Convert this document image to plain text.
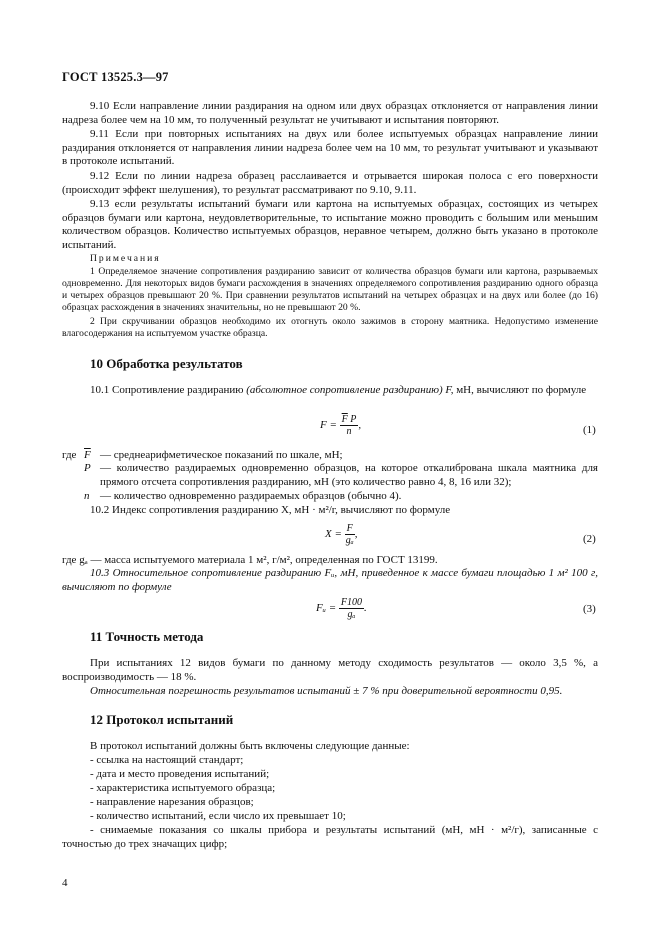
ГОСТ 13525.3—97
9.10 Если направление линии раздирания на одном или двух образцах отклоняется от направления линии надреза более чем на 10 мм, то полученный результат не учитывают и испытания повторяют.
9.11 Если при повторных испытаниях на двух или более испытуемых образцах направление линии раздирания отклоняется от направления линии надреза более чем на 10 мм, то результат учитывают и указывают в протоколе испытаний.
9.12 Если по линии надреза образец расслаивается и отрывается широкая полоса с его поверхности (происходит эффект шелушения), то результат рассматривают по 9.10, 9.11.
9.13 если результаты испытаний бумаги или картона на испытуемых образцах, состоящих из четырех образцов бумаги или картона, неудовлетворительные, то испытание можно проводить с большим или меньшим количеством образцов. Количество испытуемых образцов, неравное четырем, должно быть указано в протоколе испытаний.
Примечания
1 Определяемое значение сопротивления раздиранию зависит от количества образцов бумаги или картона, разрываемых одновременно. Для некоторых видов бумаги расхождения в значениях определяемого сопротивления раздиранию одного образца и четырех образцов превышают 20 %. При сравнении результатов испытаний на четырех образцах и на двух или более (до 16) образцах расхождения в значениях значительны, но не превышают 20 %.
2 При скручивании образцов необходимо их отогнуть около зажимов в сторону маятника. Недопустимо изменение влагосодержания на испытуемом участке образца.
10 Обработка результатов
10.1 Сопротивление раздиранию (абсолютное сопротивление раздиранию) F, мН, вычисляют по формуле
$F = \frac{\overline{F} P}{n}$ ,	(1)
где $\overline{F}$ — среднеарифметическое показаний по шкале, мН;
P — количество раздираемых одновременно образцов, на которое откалибрована шкала маятника для прямого отсчета сопротивления раздиранию, мН (это количество равно 4, 8, 16 или 32);
n — количество одновременно раздираемых образцов (обычно 4).
10.2 Индекс сопротивления раздиранию X, мН · м²/г, вычисляют по формуле
$X = \frac{F}{\text{gₐ}}$ ,	(2)
где gₐ — масса испытуемого материала 1 м², г/м², определенная по ГОСТ 13199.
10.3 Относительное сопротивление раздиранию Fᵤ, мН, приведенное к массе бумаги площадью 1 м² 100 г, вычисляют по формуле
Fᵤ = $\frac{F100}{\text{gₐ}}$ .	(3)
11 Точность метода
При испытаниях 12 видов бумаги по данному методу сходимость результатов — около 3,5 %, а воспроизводимость — 18 %.
Относительная погрешность результатов испытаний ± 7 % при доверительной вероятности 0,95.
12 Протокол испытаний
В протокол испытаний должны быть включены следующие данные:
- ссылка на настоящий стандарт;
- дата и место проведения испытаний;
- характеристика испытуемого образца;
- направление нарезания образцов;
- количество испытаний, если число их превышает 10;
- снимаемые показания со шкалы прибора и результаты испытаний (мН, мН · м²/г), записанные с точностью до трех значащих цифр;
4
